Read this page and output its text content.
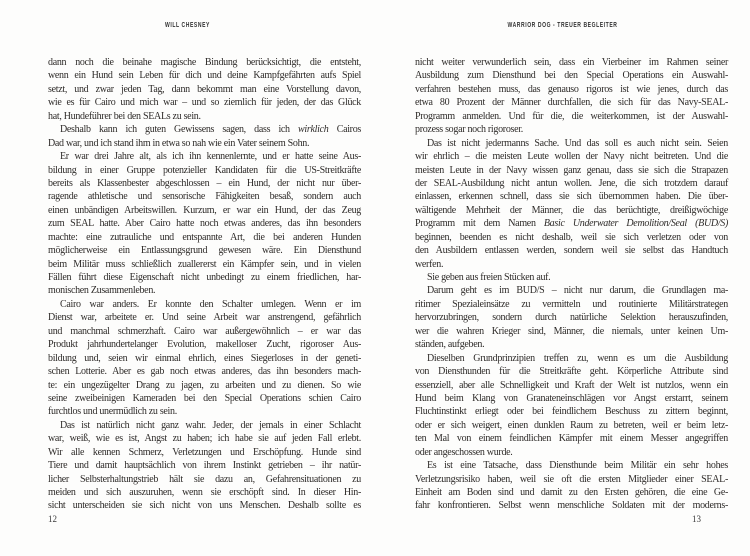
WILL CHESNEY
dann noch die beinahe magische Bindung berücksichtigt, die entsteht,
wenn ein Hund sein Leben für dich und deine Kampfgefährten aufs Spiel
setzt, und zwar jeden Tag, dann bekommt man eine Vorstellung davon,
wie es für Cairo und mich war – und so ziemlich für jeden, der das Glück
hat, Hundeführer bei den SEALs zu sein.
Deshalb kann ich guten Gewissens sagen, dass ich wirklich Cairos
Dad war, und ich stand ihm in etwa so nah wie ein Vater seinem Sohn.
Er war drei Jahre alt, als ich ihn kennenlernte, und er hatte seine Aus-
bildung in einer Gruppe potenzieller Kandidaten für die US-Streitkräfte
bereits als Klassenbester abgeschlossen – ein Hund, der nicht nur über-
ragende athletische und sensorische Fähigkeiten besaß, sondern auch
einen unbändigen Arbeitswillen. Kurzum, er war ein Hund, der das Zeug
zum SEAL hatte. Aber Cairo hatte noch etwas anderes, das ihn besonders
machte: eine zutrauliche und entspannte Art, die bei anderen Hunden
möglicherweise ein Entlassungsgrund gewesen wäre. Ein Diensthund
beim Militär muss schließlich zuallererst ein Kämpfer sein, und in vielen
Fällen führt diese Eigenschaft nicht unbedingt zu einem friedlichen, har-
monischen Zusammenleben.
Cairo war anders. Er konnte den Schalter umlegen. Wenn er im
Dienst war, arbeitete er. Und seine Arbeit war anstrengend, gefährlich
und manchmal schmerzhaft. Cairo war außergewöhnlich – er war das
Produkt jahrhundertelanger Evolution, makelloser Zucht, rigoroser Aus-
bildung und, seien wir einmal ehrlich, eines Siegerloses in der geneti-
schen Lotterie. Aber es gab noch etwas anderes, das ihn besonders mach-
te: ein ungezügelter Drang zu jagen, zu arbeiten und zu dienen. So wie
seine zweibeinigen Kameraden bei den Special Operations schien Cairo
furchtlos und unermüdlich zu sein.
Das ist natürlich nicht ganz wahr. Jeder, der jemals in einer Schlacht
war, weiß, wie es ist, Angst zu haben; ich habe sie auf jeden Fall erlebt.
Wir alle kennen Schmerz, Verletzungen und Erschöpfung. Hunde sind
Tiere und damit hauptsächlich von ihrem Instinkt getrieben – ihr natür-
licher Selbsterhaltungstrieb hält sie dazu an, Gefahrensituationen zu
meiden und sich auszuruhen, wenn sie erschöpft sind. In dieser Hin-
sicht unterscheiden sie sich nicht von uns Menschen. Deshalb sollte es
12
WARRIOR DOG - TREUER BEGLEITER
nicht weiter verwunderlich sein, dass ein Vierbeiner im Rahmen seiner
Ausbildung zum Diensthund bei den Special Operations ein Auswahl-
verfahren bestehen muss, das genauso rigoros ist wie jenes, durch das
etwa 80 Prozent der Männer durchfallen, die sich für das Navy-SEAL-
Programm anmelden. Und für die, die weiterkommen, ist der Auswahl-
prozess sogar noch rigoroser.
Das ist nicht jedermanns Sache. Und das soll es auch nicht sein. Seien
wir ehrlich – die meisten Leute wollen der Navy nicht beitreten. Und die
meisten Leute in der Navy wissen ganz genau, dass sie sich die Strapazen
der SEAL-Ausbildung nicht antun wollen. Jene, die sich trotzdem darauf
einlassen, erkennen schnell, dass sie sich übernommen haben. Die über-
wältigende Mehrheit der Männer, die das berüchtigte, dreißigwöchige
Programm mit dem Namen Basic Underwater Demolition/Seal (BUD/S)
beginnen, beenden es nicht deshalb, weil sie sich verletzen oder von
den Ausbildern entlassen werden, sondern weil sie selbst das Handtuch
werfen.
Sie geben aus freien Stücken auf.
Darum geht es im BUD/S – nicht nur darum, die Grundlagen ma-
ritimer Spezialeinsätze zu vermitteln und routinierte Militärstrategen
hervorzubringen, sondern durch natürliche Selektion herauszufinden,
wer die wahren Krieger sind, Männer, die niemals, unter keinen Um-
ständen, aufgeben.
Dieselben Grundprinzipien treffen zu, wenn es um die Ausbildung
von Diensthunden für die Streitkräfte geht. Körperliche Attribute sind
essenziell, aber alle Schnelligkeit und Kraft der Welt ist nutzlos, wenn ein
Hund beim Klang von Granateneinschlägen vor Angst erstarrt, seinem
Fluchtinstinkt erliegt oder bei feindlichem Beschuss zu zittern beginnt,
oder er sich weigert, einen dunklen Raum zu betreten, weil er beim letz-
ten Mal von einem feindlichen Kämpfer mit einem Messer angegriffen
oder angeschossen wurde.
Es ist eine Tatsache, dass Diensthunde beim Militär ein sehr hohes
Verletzungsrisiko haben, weil sie oft die ersten Mitglieder einer SEAL-
Einheit am Boden sind und damit zu den Ersten gehören, die eine Ge-
fahr konfrontieren. Selbst wenn menschliche Soldaten mit der moderns-
13
